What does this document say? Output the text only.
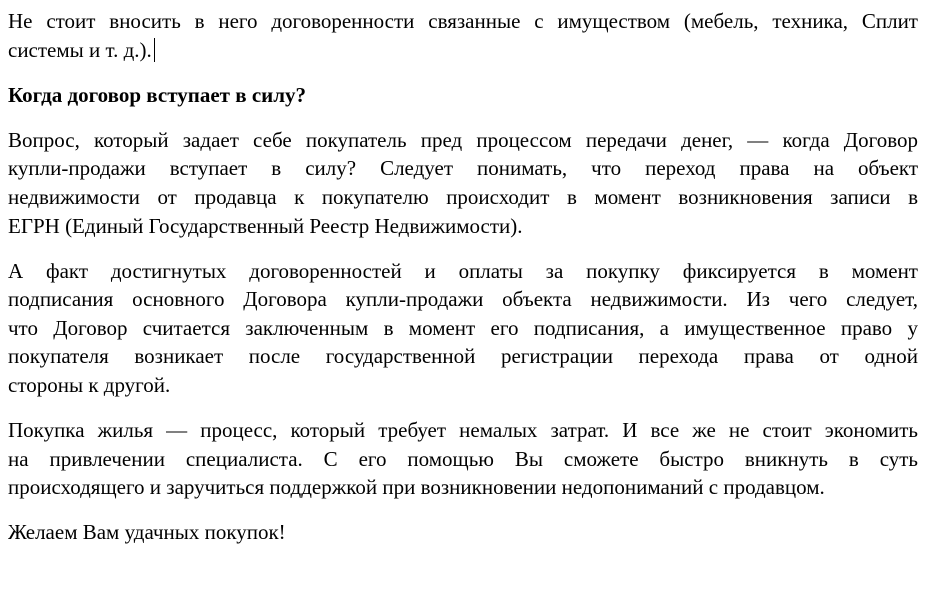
Не стоит вносить в него договоренности связанные с имуществом (мебель, техника, Сплит
системы и т. д.).

Когда договор вступает в силу?

Вопрос, который задает себе покупатель пред процессом передачи денег, — когда Договор
купли-продажи вступает в силу? Следует понимать, что переход права на объект
недвижимости от продавца к покупателю происходит в момент возникновения записи в
ЕГРН (Единый Государственный Реестр Недвижимости).

А факт достигнутых договоренностей и оплаты за покупку фиксируется в момент
подписания основного Договора купли-продажи объекта недвижимости. Из чего следует,
что Договор считается заключенным в момент его подписания, а имущественное право у
покупателя возникает после государственной регистрации перехода права от одной
стороны к другой.

Покупка жилья — процесс, который требует немалых затрат. И все же не стоит экономить
на привлечении специалиста. С его помощью Вы сможете быстро вникнуть в суть
происходящего и заручиться поддержкой при возникновении недопониманий с продавцом.

Желаем Вам удачных покупок!
